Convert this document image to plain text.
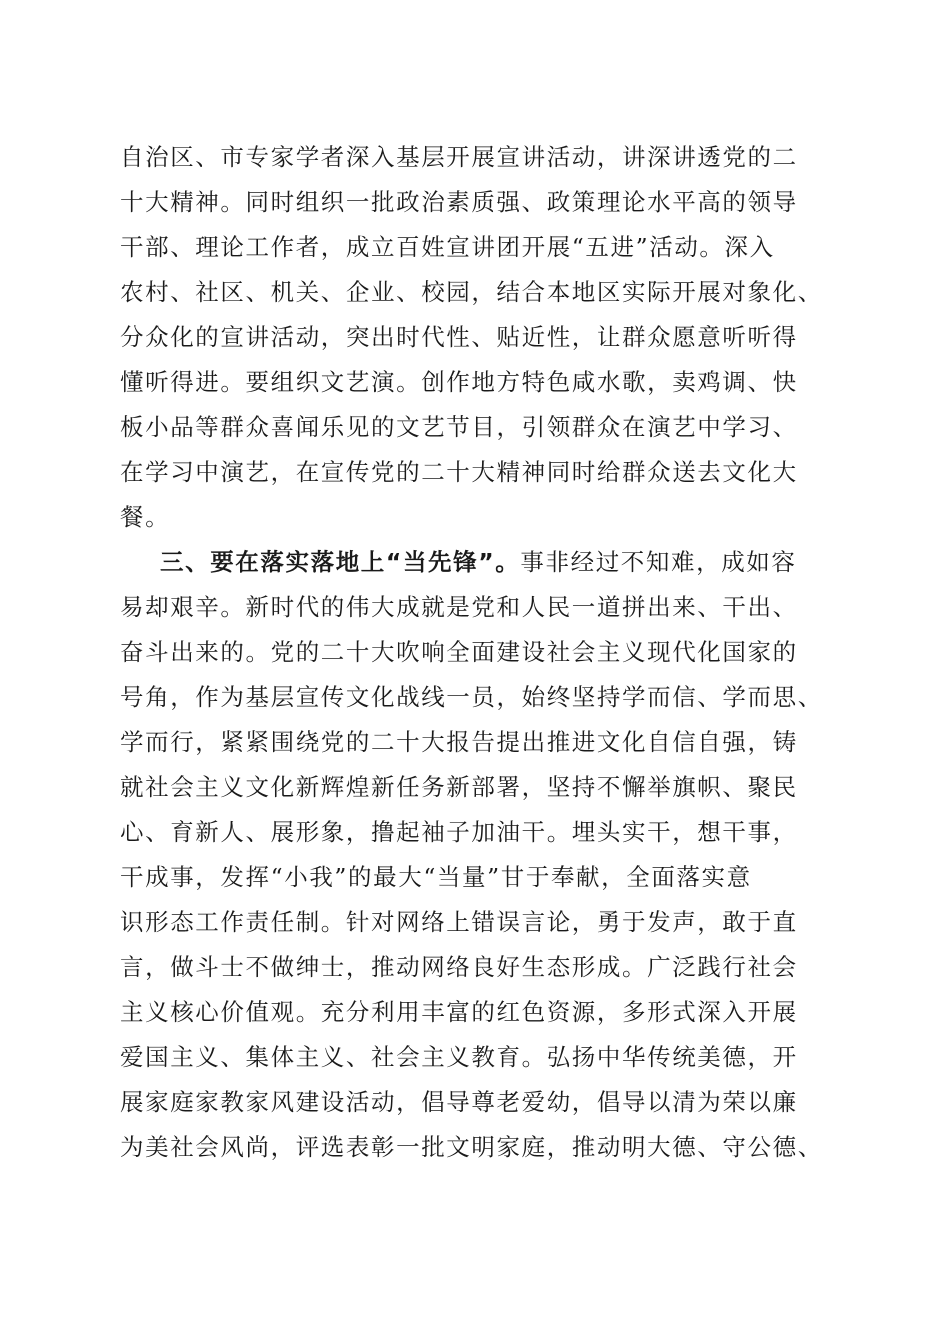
自治区、市专家学者深入基层开展宣讲活动，讲深讲透党的二
十大精神。同时组织一批政治素质强、政策理论水平高的领导
干部、理论工作者，成立百姓宣讲团开展“五进”活动。深入
农村、社区、机关、企业、校园，结合本地区实际开展对象化、
分众化的宣讲活动，突出时代性、贴近性，让群众愿意听听得
懂听得进。要组织文艺演。创作地方特色咸水歌，卖鸡调、快
板小品等群众喜闻乐见的文艺节目，引领群众在演艺中学习、
在学习中演艺，在宣传党的二十大精神同时给群众送去文化大
餐。
三、要在落实落地上“当先锋”。事非经过不知难，成如容
易却艰辛。新时代的伟大成就是党和人民一道拼出来、干出、
奋斗出来的。党的二十大吹响全面建设社会主义现代化国家的
号角，作为基层宣传文化战线一员，始终坚持学而信、学而思、
学而行，紧紧围绕党的二十大报告提出推进文化自信自强，铸
就社会主义文化新辉煌新任务新部署，坚持不懈举旗帜、聚民
心、育新人、展形象，撸起袖子加油干。埋头实干，想干事，
干成事，发挥“小我”的最大“当量”甘于奉献，全面落实意
识形态工作责任制。针对网络上错误言论，勇于发声，敢于直
言，做斗士不做绅士，推动网络良好生态形成。广泛践行社会
主义核心价值观。充分利用丰富的红色资源，多形式深入开展
爱国主义、集体主义、社会主义教育。弘扬中华传统美德，开
展家庭家教家风建设活动，倡导尊老爱幼，倡导以清为荣以廉
为美社会风尚，评选表彰一批文明家庭，推动明大德、守公德、
